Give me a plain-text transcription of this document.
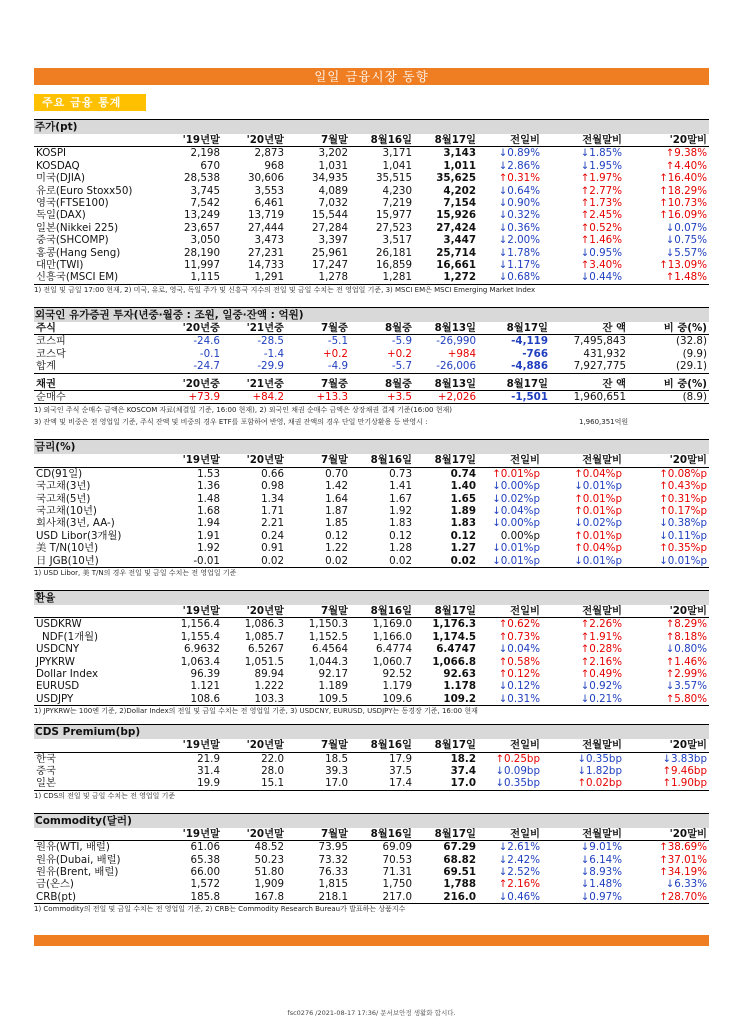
일일 금융시장 동향
주요 금융 통계
주가(pt)
	'19년말	'20년말	7월말	8월16일	8월17일	전일비	전월말비	'20말비
KOSPI	2,198	2,873	3,202	3,171	3,143	↓0.89%	↓1.85%	↑9.38%
KOSDAQ	670	968	1,031	1,041	1,011	↓2.86%	↓1.95%	↑4.40%
미국(DJIA)	28,538	30,606	34,935	35,515	35,625	↑0.31%	↑1.97%	↑16.40%
유로(Euro Stoxx50)	3,745	3,553	4,089	4,230	4,202	↓0.64%	↑2.77%	↑18.29%
영국(FTSE100)	7,542	6,461	7,032	7,219	7,154	↓0.90%	↑1.73%	↑10.73%
독일(DAX)	13,249	13,719	15,544	15,977	15,926	↓0.32%	↑2.45%	↑16.09%
일본(Nikkei 225)	23,657	27,444	27,284	27,523	27,424	↓0.36%	↑0.52%	↓0.07%
중국(SHCOMP)	3,050	3,473	3,397	3,517	3,447	↓2.00%	↑1.46%	↓0.75%
홍콩(Hang Seng)	28,190	27,231	25,961	26,181	25,714	↓1.78%	↓0.95%	↓5.57%
대만(TWI)	11,997	14,733	17,247	16,859	16,661	↓1.17%	↑3.40%	↑13.09%
신흥국(MSCI EM)	1,115	1,291	1,278	1,281	1,272	↓0.68%	↓0.44%	↑1.48%
1) 전일 및 금일 17:00 현재, 2) 미국, 유로, 영국, 독일 주가 및 신흥국 지수의 전일 및 금일 수치는 전 영업일 기준, 3) MSCI EM은 MSCI Emerging Market Index
외국인 유가증권 투자(년중·월중 : 조원, 일중·잔액 : 억원)
주식	'20년중	'21년중	7월중	8월중	8월13일	8월17일	잔 액	비 중(%)
코스피	-24.6	-28.5	-5.1	-5.9	-26,990	-4,119	7,495,843	(32.8)
코스닥	-0.1	-1.4	+0.2	+0.2	+984	-766	431,932	(9.9)
합계	-24.7	-29.9	-4.9	-5.7	-26,006	-4,886	7,927,775	(29.1)
채권	'20년중	'21년중	7월중	8월중	8월13일	8월17일	잔 액	비 중(%)
순매수	+73.9	+84.2	+13.3	+3.5	+2,026	-1,501	1,960,651	(8.9)
1) 외국인 주식 순매수 금액은 KOSCOM 자료(체결일 기준, 16:00 현재), 2) 외국인 채권 순매수 금액은 상장채권 결제 기준(16:00 현재)
3) 잔액 및 비중은 전 영업일 기준, 주식 잔액 및 비중의 경우 ETF를 포함하여 반영, 채권 잔액의 경우 단일 만기상환용 등 반영시 :	1,960,351억원
금리(%)
	'19년말	'20년말	7월말	8월16일	8월17일	전일비	전월말비	'20말비
CD(91일)	1.53	0.66	0.70	0.73	0.74	↑0.01%p	↑0.04%p	↑0.08%p
국고채(3년)	1.36	0.98	1.42	1.41	1.40	↓0.00%p	↓0.01%p	↑0.43%p
국고채(5년)	1.48	1.34	1.64	1.67	1.65	↓0.02%p	↑0.01%p	↑0.31%p
국고채(10년)	1.68	1.71	1.87	1.92	1.89	↓0.04%p	↑0.01%p	↑0.17%p
회사채(3년, AA-)	1.94	2.21	1.85	1.83	1.83	↓0.00%p	↓0.02%p	↓0.38%p
USD Libor(3개월)	1.91	0.24	0.12	0.12	0.12	0.00%p	↑0.01%p	↓0.11%p
美 T/N(10년)	1.92	0.91	1.22	1.28	1.27	↓0.01%p	↑0.04%p	↑0.35%p
日 JGB(10년)	-0.01	0.02	0.02	0.02	0.02	↓0.01%p	↓0.01%p	↓0.01%p
1) USD Libor, 美 T/N의 경우 전일 및 금일 수치는 전 영업일 기준
환율
	'19년말	'20년말	7월말	8월16일	8월17일	전일비	전월말비	'20말비
USDKRW	1,156.4	1,086.3	1,150.3	1,169.0	1,176.3	↑0.62%	↑2.26%	↑8.29%
NDF(1개월)	1,155.4	1,085.7	1,152.5	1,166.0	1,174.5	↑0.73%	↑1.91%	↑8.18%
USDCNY	6.9632	6.5267	6.4564	6.4774	6.4747	↓0.04%	↑0.28%	↓0.80%
JPYKRW	1,063.4	1,051.5	1,044.3	1,060.7	1,066.8	↑0.58%	↑2.16%	↑1.46%
Dollar Index	96.39	89.94	92.17	92.52	92.63	↑0.12%	↑0.49%	↑2.99%
EURUSD	1.121	1.222	1.189	1.179	1.178	↓0.12%	↓0.92%	↓3.57%
USDJPY	108.6	103.3	109.5	109.6	109.2	↓0.31%	↓0.21%	↑5.80%
1) JPYKRW는 100엔 기준, 2)Dollar Index의 전일 및 금일 수치는 전 영업일 기준, 3) USDCNY, EURUSD, USDJPY는 동경장 기준, 16:00 현재
CDS Premium(bp)
	'19년말	'20년말	7월말	8월16일	8월17일	전일비	전월말비	'20말비
한국	21.9	22.0	18.5	17.9	18.2	↑0.25bp	↓0.35bp	↓3.83bp
중국	31.4	28.0	39.3	37.5	37.4	↓0.09bp	↓1.82bp	↑9.46bp
일본	19.9	15.1	17.0	17.4	17.0	↓0.35bp	↑0.02bp	↑1.90bp
1) CDS의 전일 및 금일 수치는 전 영업일 기준
Commodity(달러)
	'19년말	'20년말	7월말	8월16일	8월17일	전일비	전월말비	'20말비
원유(WTI, 배럴)	61.06	48.52	73.95	69.09	67.29	↓2.61%	↓9.01%	↑38.69%
원유(Dubai, 배럴)	65.38	50.23	73.32	70.53	68.82	↓2.42%	↓6.14%	↑37.01%
원유(Brent, 배럴)	66.00	51.80	76.33	71.31	69.51	↓2.52%	↓8.93%	↑34.19%
금(온스)	1,572	1,909	1,815	1,750	1,788	↑2.16%	↓1.48%	↓6.33%
CRB(pt)	185.8	167.8	218.1	217.0	216.0	↓0.46%	↓0.97%	↑28.70%
1) Commodity의 전일 및 금일 수치는 전 영업일 기준, 2) CRB는 Commodity Research Bureau가 발표하는 상품지수
fsc0276 /2021-08-17 17:36/ 문서보안정 생활화 합시다.
